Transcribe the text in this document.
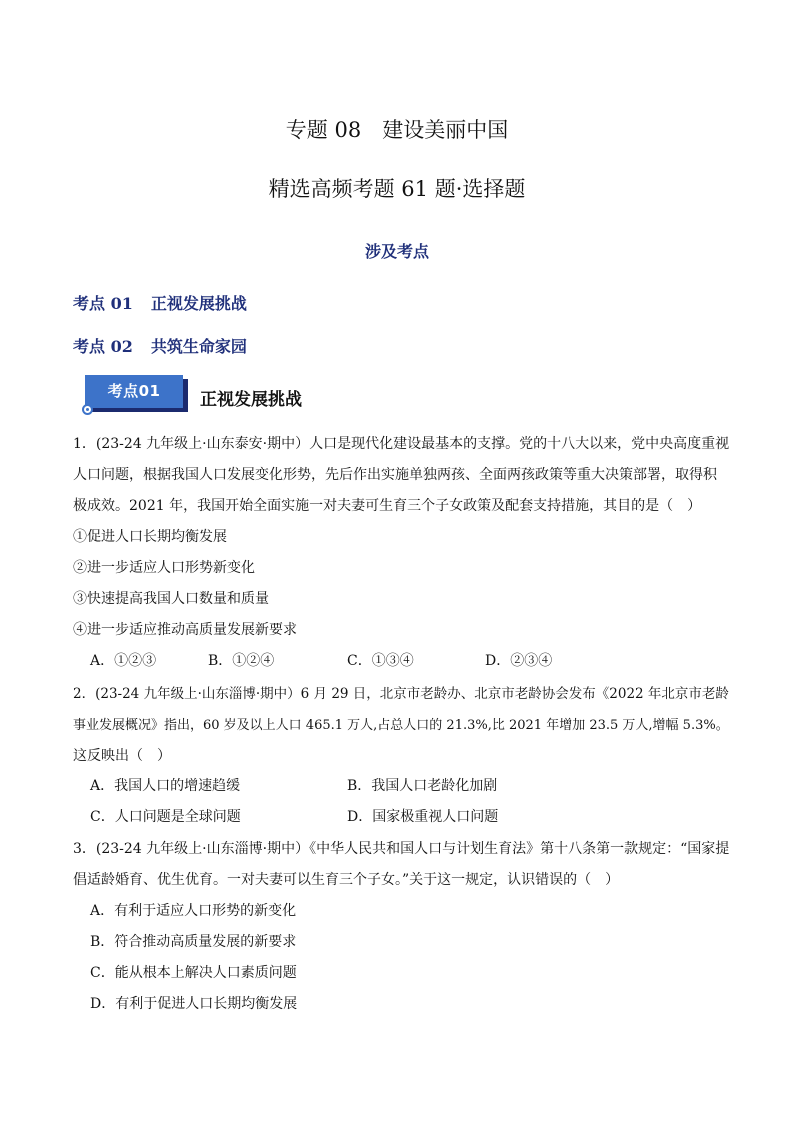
专题 08　建设美丽中国
精选高频考题 61 题·选择题
涉及考点
考点 01 正视发展挑战
考点 02 共筑生命家园
考点01	正视发展挑战
1．(23-24 九年级上·山东泰安·期中）人口是现代化建设最基本的支撑。党的十八大以来，党中央高度重视
人口问题，根据我国人口发展变化形势，先后作出实施单独两孩、全面两孩政策等重大决策部署，取得积
极成效。2021 年，我国开始全面实施一对夫妻可生育三个子女政策及配套支持措施，其目的是（　）
①促进人口长期均衡发展
②进一步适应人口形势新变化
③快速提高我国人口数量和质量
④进一步适应推动高质量发展新要求
A．①②③	B．①②④	C．①③④	D．②③④
2．(23-24 九年级上·山东淄博·期中）6 月 29 日，北京市老龄办、北京市老龄协会发布《2022 年北京市老龄
事业发展概况》指出，60 岁及以上人口 465.1 万人,占总人口的 21.3%,比 2021 年增加 23.5 万人,增幅 5.3%。
这反映出（　）
A．我国人口的增速趋缓	B．我国人口老龄化加剧
C．人口问题是全球问题	D．国家极重视人口问题
3．(23-24 九年级上·山东淄博·期中）《中华人民共和国人口与计划生育法》第十八条第一款规定：“国家提
倡适龄婚育、优生优育。一对夫妻可以生育三个子女。”关于这一规定，认识错误的（　）
A．有利于适应人口形势的新变化
B．符合推动高质量发展的新要求
C．能从根本上解决人口素质问题
D．有利于促进人口长期均衡发展
